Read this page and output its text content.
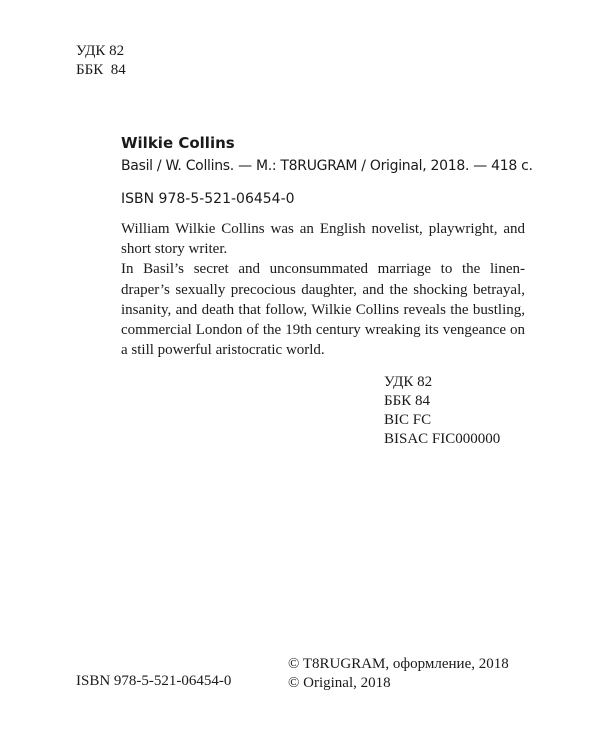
УДК 82
ББК  84
Wilkie Collins
Basil / W. Collins. — M.: T8RUGRAM / Original, 2018. — 418 с.
ISBN 978-5-521-06454-0

William Wilkie Collins was an English novelist, playwright, and short story writer.

In Basil’s secret and unconsummated marriage to the linen-draper’s sexually precocious daughter, and the shocking betrayal, insanity, and death that follow, Wilkie Collins reveals the bustling, commercial London of the 19th century wreaking its vengeance on a still powerful aristocratic world.

УДК 82
ББК 84
BIC FC
BISAC FIC000000
ISBN 978-5-521-06454-0
© T8RUGRAM, оформление, 2018
© Original, 2018
